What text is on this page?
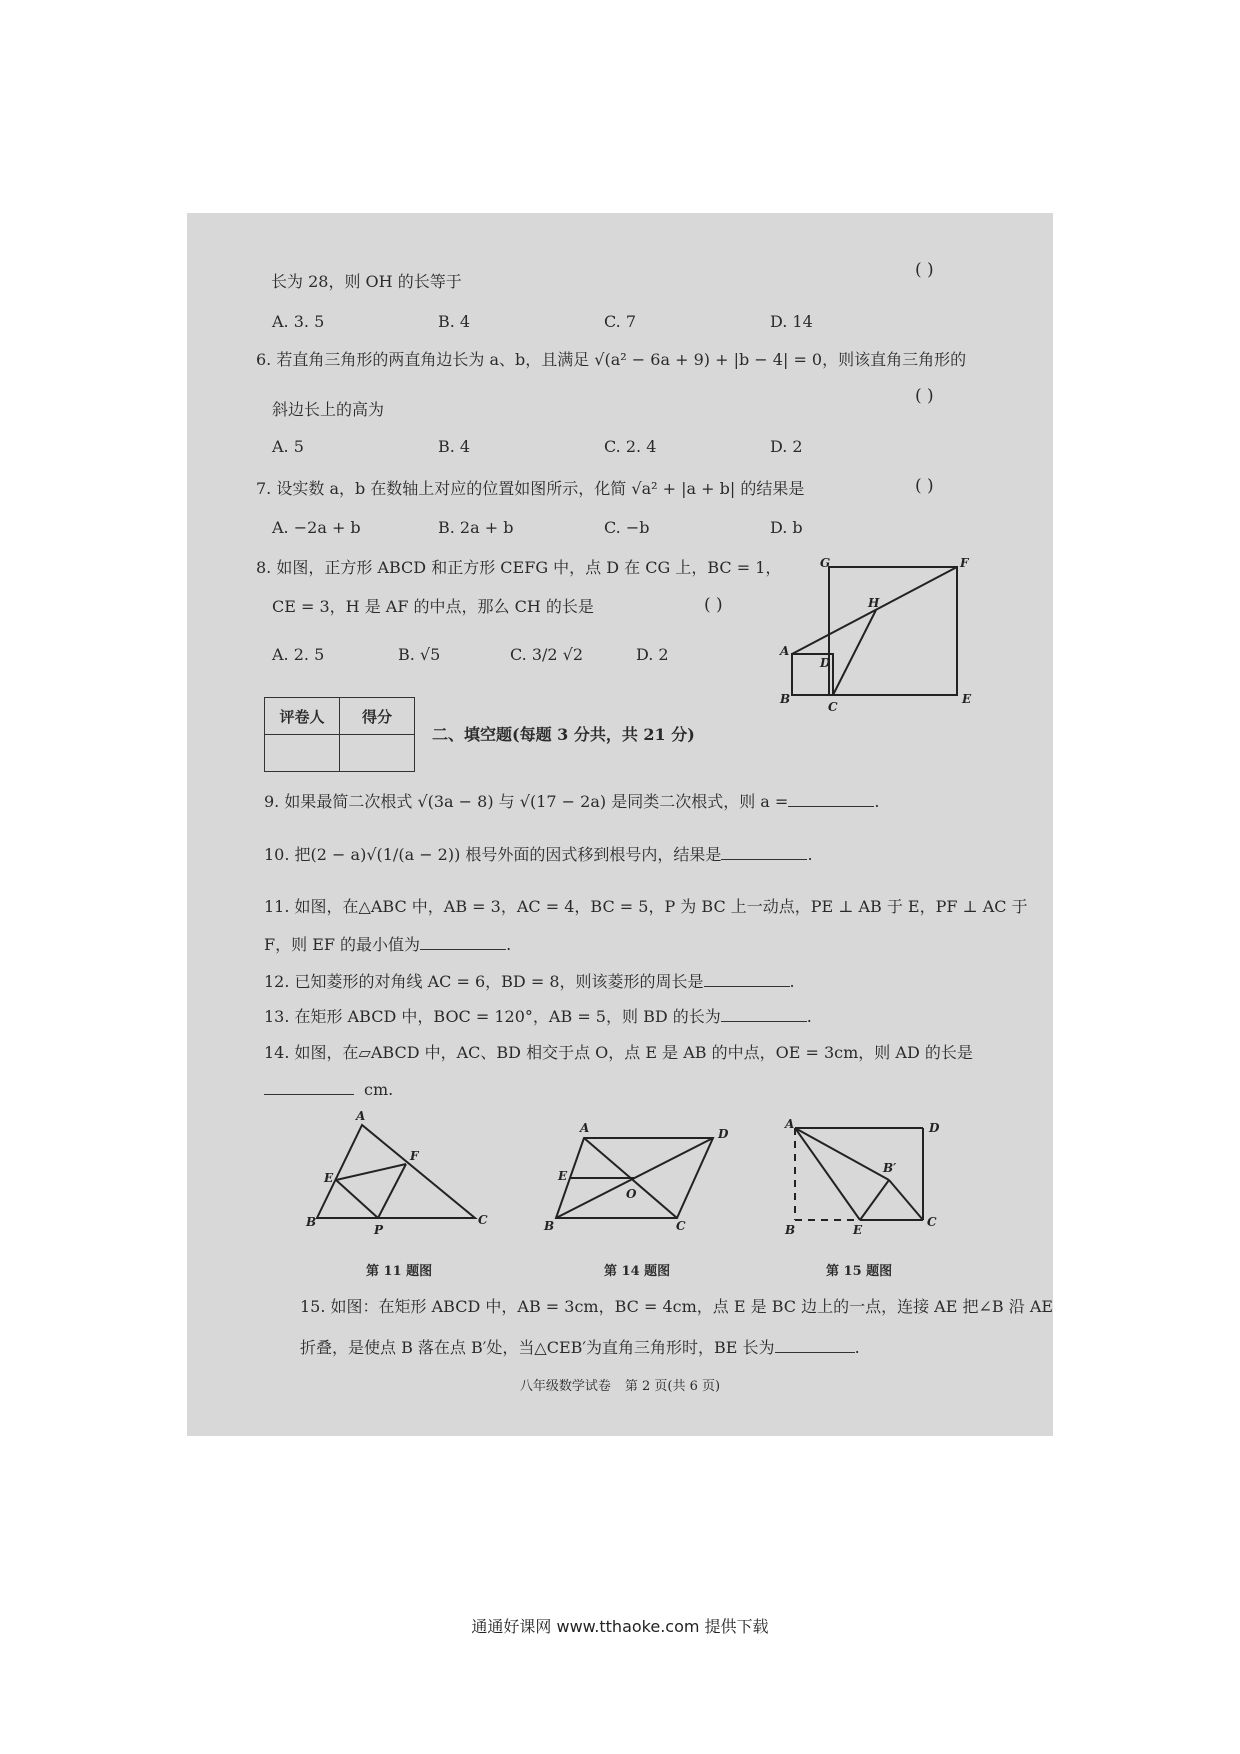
长为 28，则 OH 的长等于
( )
A. 3. 5	B. 4	C. 7	D. 14
6. 若直角三角形的两直角边长为 a、b，且满足 √(a² − 6a + 9) + |b − 4| = 0，则该直角三角形的
斜边长上的高为
( )
A. 5	B. 4	C. 2. 4	D. 2
7. 设实数 a，b 在数轴上对应的位置如图所示，化简 √a² + |a + b| 的结果是	( )
A. −2a + b	B. 2a + b	C. −b	D. b
8. 如图，正方形 ABCD 和正方形 CEFG 中，点 D 在 CG 上，BC = 1，
CE = 3，H 是 AF 的中点，那么 CH 的长是	( )
A. 2. 5	B. √5	C. 3/2 √2	D. 2
G	F
H
A
D
B
C
E
评卷人	得分

二、填空题(每题 3 分共，共 21 分)
9. 如果最简二次根式 √(3a − 8) 与 √(17 − 2a) 是同类二次根式，则 a =	.
10. 把(2 − a)√(1/(a − 2)) 根号外面的因式移到根号内，结果是	.
11. 如图，在△ABC 中，AB = 3，AC = 4，BC = 5，P 为 BC 上一动点，PE ⊥ AB 于 E，PF ⊥ AC 于
F，则 EF 的最小值为	.
12. 已知菱形的对角线 AC = 6，BD = 8，则该菱形的周长是	.
13. 在矩形 ABCD 中，BOC = 120°，AB = 5，则 BD 的长为	.
14. 如图，在▱ABCD 中，AC、BD 相交于点 O，点 E 是 AB 的中点，OE = 3cm，则 AD 的长是
cm.
A
F
E
B
P
C
A	D
E
O
B	C
A	D
B′
B	E
C
第 11 题图	第 14 题图	第 15 题图
15. 如图：在矩形 ABCD 中，AB = 3cm，BC = 4cm，点 E 是 BC 边上的一点，连接 AE 把∠B 沿 AE
折叠，是使点 B 落在点 B′处，当△CEB′为直角三角形时，BE 长为	.
八年级数学试卷 第 2 页(共 6 页)
通通好课网 www.tthaoke.com 提供下载
